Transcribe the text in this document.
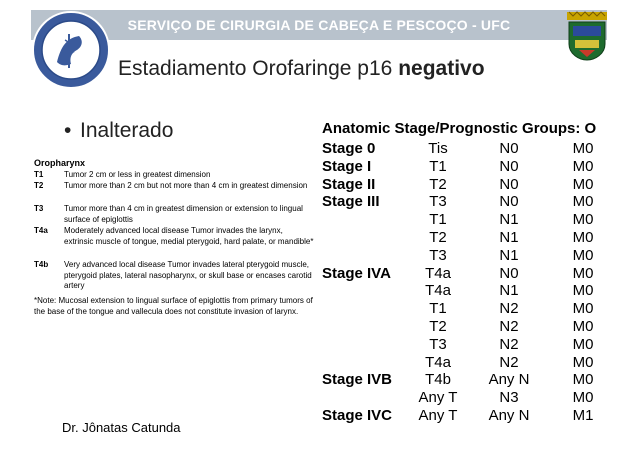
SERVIÇO DE CIRURGIA DE CABEÇA E PESCOÇO - UFC
Estadiamento Orofaringe p16 negativo
• Inalterado
Oropharynx
T1	Tumor 2 cm or less in greatest dimension
T2	Tumor more than 2 cm but not more than 4 cm in greatest dimension
T3	Tumor more than 4 cm in greatest dimension or extension to lingual surface of epiglottis
T4a Moderately advanced local disease Tumor invades the larynx, extrinsic muscle of tongue, medial pterygoid, hard palate, or mandible*
T4b Very advanced local disease Tumor invades lateral pterygoid muscle, pterygoid plates, lateral nasopharynx, or skull base or encases carotid artery
*Note: Mucosal extension to lingual surface of epiglottis from primary tumors of the base of the tongue and vallecula does not constitute invasion of larynx.
Anatomic Stage/Prognostic Groups: O
Stage 0	Tis	N0	M0
Stage I	T1	N0	M0
Stage II	T2	N0	M0
Stage III	T3	N0	M0
T1	N1	M0
T2	N1	M0
T3	N1	M0
Stage IVA	T4a	N0	M0
T4a	N1	M0
T1	N2	M0
T2	N2	M0
T3	N2	M0
T4a	N2	M0
Stage IVB	T4b	Any N	M0
Any T	N3	M0
Stage IVC Any T	Any N	M1
Dr. Jônatas Catunda
